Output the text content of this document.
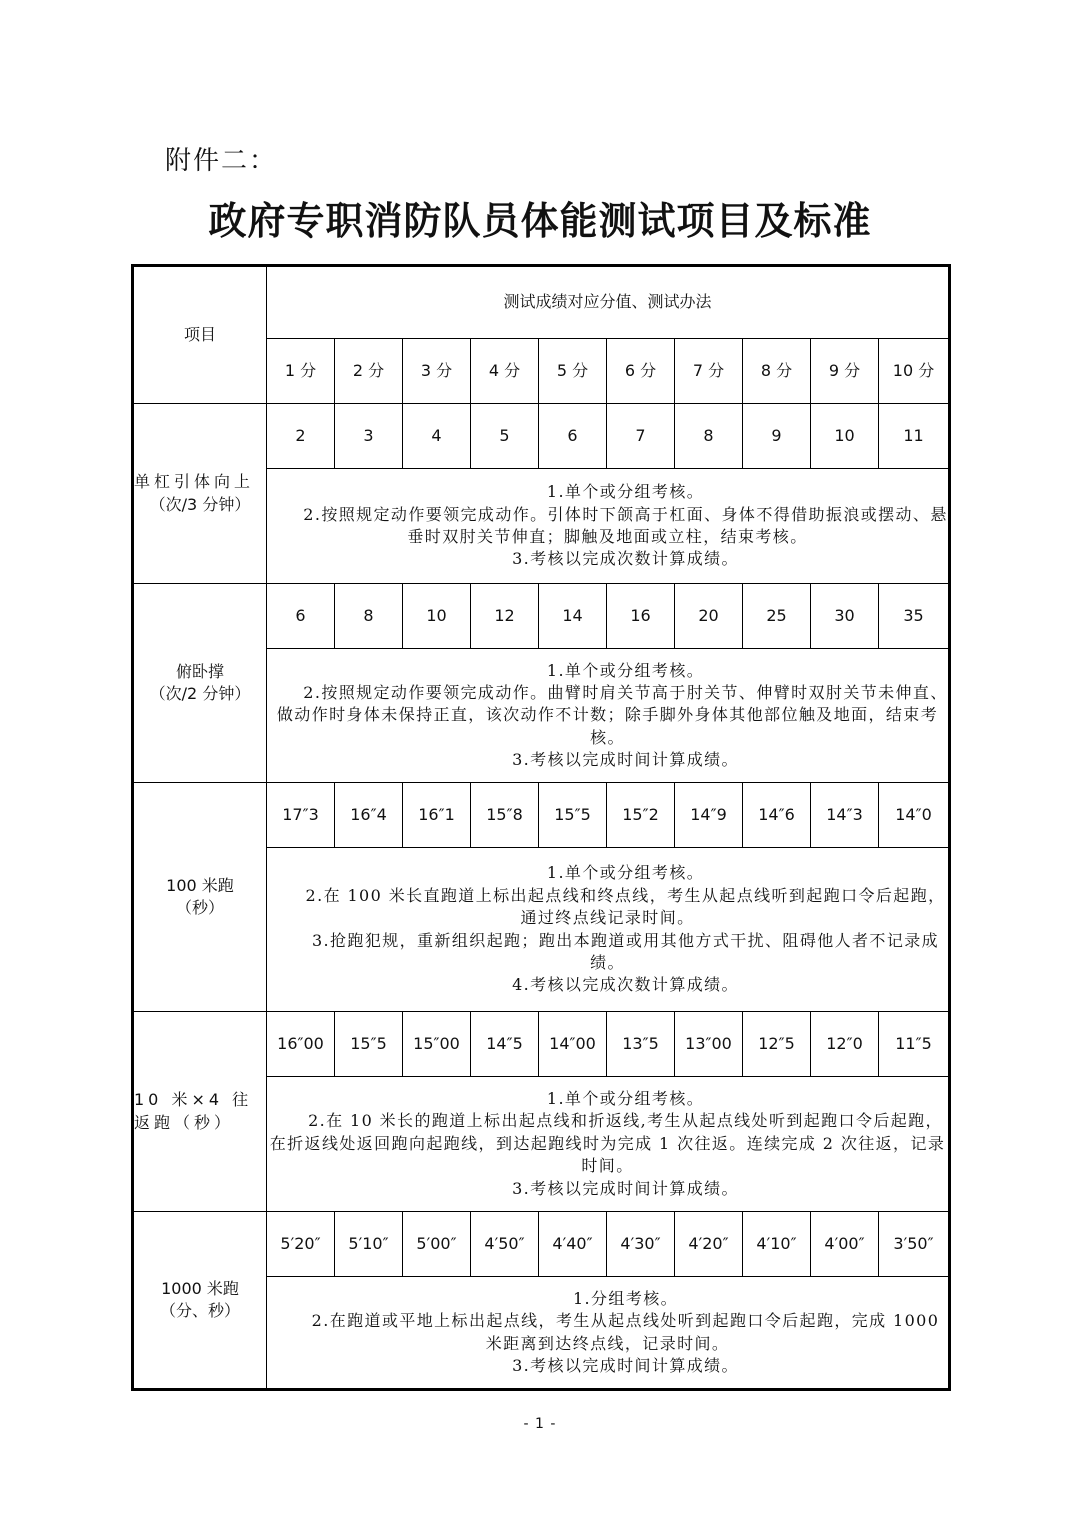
附件二：
政府专职消防队员体能测试项目及标准
项目	测试成绩对应分值、测试办法									
	1 分	2 分	3 分	4 分	5 分	6 分	7 分	8 分	9 分	10 分

单杠引体向上
（次/3 分钟）	2	3	4	5	6	7	8	9	10	11

	1.单个或分组考核。

2.按照规定动作要领完成动作。引体时下颌高于杠面、身体不得借助振浪或摆动、悬垂时双肘关节伸直；脚触及地面或立柱，结束考核。

3.考核以完成次数计算成绩。									

俯卧撑
（次/2 分钟）	6	8	10	12	14	16	20	25	30	35

	1.单个或分组考核。

2.按照规定动作要领完成动作。曲臂时肩关节高于肘关节、伸臂时双肘关节未伸直、做动作时身体未保持正直，该次动作不计数；除手脚外身体其他部位触及地面，结束考核。

3.考核以完成时间计算成绩。									

100 米跑
（秒）	17″3	16″4	16″1	15″8	15″5	15″2	14″9	14″6	14″3	14″0

	1.单个或分组考核。

2.在 100 米长直跑道上标出起点线和终点线，考生从起点线听到起跑口令后起跑，通过终点线记录时间。

3.抢跑犯规，重新组织起跑；跑出本跑道或用其他方式干扰、阻碍他人者不记录成绩。

4.考核以完成次数计算成绩。									

10 米×4 往返跑（秒）	16″00	15″5	15″00	14″5	14″00	13″5	13″00	12″5	12″0	11″5

	1.单个或分组考核。

2.在 10 米长的跑道上标出起点线和折返线,考生从起点线处听到起跑口令后起跑，在折返线处返回跑向起跑线，到达起跑线时为完成 1 次往返。连续完成 2 次往返，记录时间。

3.考核以完成时间计算成绩。									

1000 米跑
（分、秒）	5′20″	5′10″	5′00″	4′50″	4′40″	4′30″	4′20″	4′10″	4′00″	3′50″

	1.分组考核。

2.在跑道或平地上标出起点线，考生从起点线处听到起跑口令后起跑，完成 1000 米距离到达终点线，记录时间。

3.考核以完成时间计算成绩。									

- 1 -
